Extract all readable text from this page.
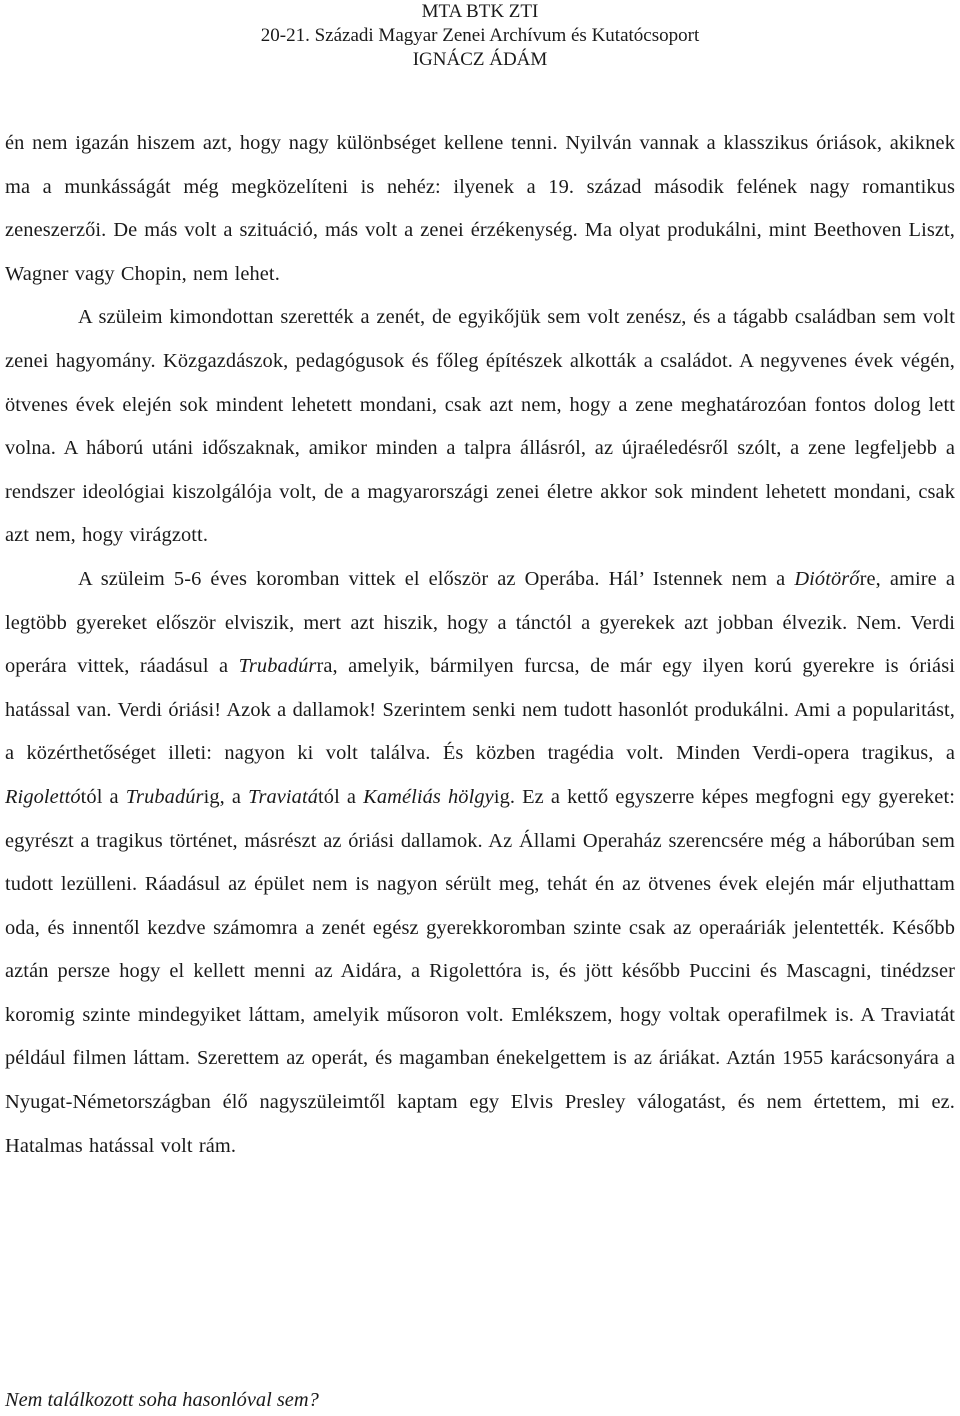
MTA BTK ZTI
20-21. Századi Magyar Zenei Archívum és Kutatócsoport
IGNÁCZ ÁDÁM

én nem igazán hiszem azt, hogy nagy különbséget kellene tenni. Nyilván vannak a klasszikus óriások, akiknek ma a munkásságát még megközelíteni is nehéz: ilyenek a 19. század második felének nagy romantikus zeneszerzői. De más volt a szituáció, más volt a zenei érzékenység. Ma olyat produkálni, mint Beethoven Liszt, Wagner vagy Chopin, nem lehet.

A szüleim kimondottan szerették a zenét, de egyikőjük sem volt zenész, és a tágabb családban sem volt zenei hagyomány. Közgazdászok, pedagógusok és főleg építészek alkották a családot. A negyvenes évek végén, ötvenes évek elején sok mindent lehetett mondani, csak azt nem, hogy a zene meghatározóan fontos dolog lett volna. A háború utáni időszaknak, amikor minden a talpra állásról, az újraéledésről szólt, a zene legfeljebb a rendszer ideológiai kiszolgálója volt, de a magyarországi zenei életre akkor sok mindent lehetett mondani, csak azt nem, hogy virágzott.

A szüleim 5-6 éves koromban vittek el először az Operába. Hál’ Istennek nem a Diótörőre, amire a legtöbb gyereket először elviszik, mert azt hiszik, hogy a tánctól a gyerekek azt jobban élvezik. Nem. Verdi operára vittek, ráadásul a Trubadúrra, amelyik, bármilyen furcsa, de már egy ilyen korú gyerekre is óriási hatással van. Verdi óriási! Azok a dallamok! Szerintem senki nem tudott hasonlót produkálni. Ami a popularitást, a közérthetőséget illeti: nagyon ki volt találva. És közben tragédia volt. Minden Verdi-opera tragikus, a Rigolettótól a Trubadúrig, a Traviatától a Kaméliás hölgyig. Ez a kettő egyszerre képes megfogni egy gyereket: egyrészt a tragikus történet, másrészt az óriási dallamok. Az Állami Operaház szerencsére még a háborúban sem tudott lezülleni. Ráadásul az épület nem is nagyon sérült meg, tehát én az ötvenes évek elején már eljuthattam oda, és innentől kezdve számomra a zenét egész gyerekkoromban szinte csak az operaáriák jelentették. Később aztán persze hogy el kellett menni az Aidára, a Rigolettóra is, és jött később Puccini és Mascagni, tinédzser koromig szinte mindegyiket láttam, amelyik műsoron volt. Emlékszem, hogy voltak operafilmek is. A Traviatát például filmen láttam. Szerettem az operát, és magamban énekelgettem is az áriákat. Aztán 1955 karácsonyára a Nyugat-Németországban élő nagyszüleimtől kaptam egy Elvis Presley válogatást, és nem értettem, mi ez. Hatalmas hatással volt rám.

Nem találkozott soha hasonlóval sem?
